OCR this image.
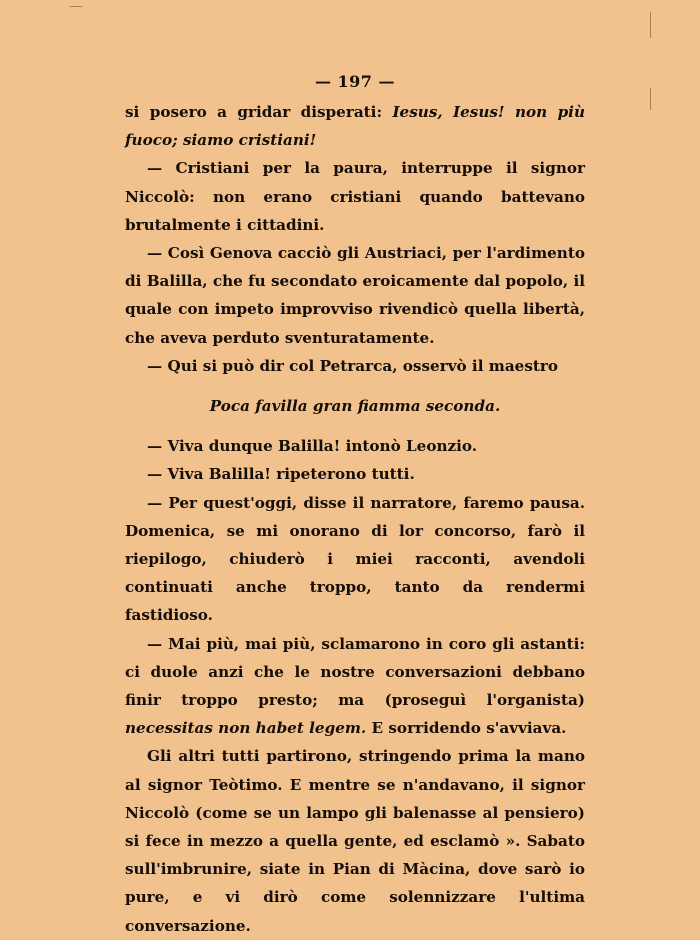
— 197 —

si posero a gridar disperati: Iesus, Iesus! non più fuoco; siamo cristiani!

— Cristiani per la paura, interruppe il signor Niccolò: non erano cristiani quando battevano brutalmente i cittadini.

— Così Genova cacciò gli Austriaci, per l'ardimento di Balilla, che fu secondato eroicamente dal popolo, il quale con impeto improvviso rivendicò quella libertà, che aveva perduto sventuratamente.

— Qui si può dir col Petrarca, osservò il maestro

Poca favilla gran fiamma seconda.

— Viva dunque Balilla! intonò Leonzio.

— Viva Balilla! ripeterono tutti.

— Per quest'oggi, disse il narratore, faremo pausa. Domenica, se mi onorano di lor concorso, farò il riepilogo, chiuderò i miei racconti, avendoli continuati anche troppo, tanto da rendermi fastidioso.

— Mai più, mai più, sclamarono in coro gli astanti: ci duole anzi che le nostre conversazioni debbano finir troppo presto; ma (proseguì l'organista) necessitas non habet legem. E sorridendo s'avviava.

Gli altri tutti partirono, stringendo prima la mano al signor Teòtimo. E mentre se n'andavano, il signor Niccolò (come se un lampo gli balenasse al pensiero) si fece in mezzo a quella gente, ed esclamò ». Sabato sull'imbrunire, siate in Pian di Màcina, dove sarò io pure, e vi dirò come solennizzare l'ultima conversazione.
